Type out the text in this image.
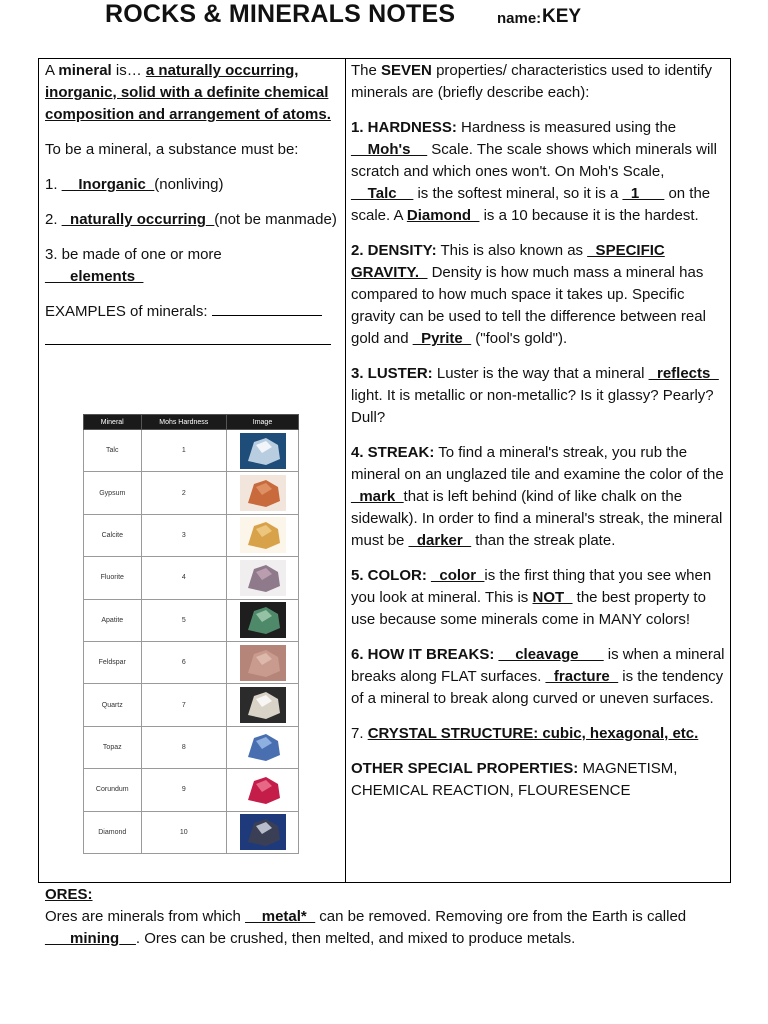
ROCKS & MINERALS NOTES	name: KEY

A mineral is… a naturally occurring, inorganic, solid with a definite chemical composition and arrangement of atoms.

To be a mineral, a substance must be:

1. __Inorganic_(nonliving)

2. _naturally occurring_(not be manmade)

3. be made of one or more
___elements_

EXAMPLES of minerals:

Mineral	Mohs Hardness	Image
Talc	1	

Gypsum	2	

Calcite	3	

Fluorite	4	

Apatite	5	

Feldspar	6	

Quartz	7	

Topaz	8	

Corundum	9	

Diamond	10	

The SEVEN properties/ characteristics used to identify minerals are (briefly describe each):

1. HARDNESS: Hardness is measured using the __Moh's__ Scale. The scale shows which minerals will scratch and which ones won't. On Moh's Scale, __Talc__ is the softest mineral, so it is a _1___ on the scale. A Diamond_ is a 10 because it is the hardest.

2. DENSITY: This is also known as _SPECIFIC GRAVITY._ Density is how much mass a mineral has compared to how much space it takes up. Specific gravity can be used to tell the difference between real gold and _Pyrite_ ("fool's gold").

3. LUSTER: Luster is the way that a mineral _reflects_ light. It is metallic or non-metallic? Is it glassy? Pearly? Dull?

4. STREAK: To find a mineral's streak, you rub the mineral on an unglazed tile and examine the color of the _mark_that is left behind (kind of like chalk on the sidewalk). In order to find a mineral's streak, the mineral must be _darker_ than the streak plate.

5. COLOR: _color_is the first thing that you see when you look at mineral. This is NOT_ the best property to use because some minerals come in MANY colors!

6. HOW IT BREAKS: __cleavage___ is when a mineral breaks along FLAT surfaces. _fracture_ is the tendency of a mineral to break along curved or uneven surfaces.

7. CRYSTAL STRUCTURE: cubic, hexagonal, etc.

OTHER SPECIAL PROPERTIES: MAGNETISM, CHEMICAL REACTION, FLOURESENCE

ORES:
Ores are minerals from which __metal*_ can be removed. Removing ore from the Earth is called ___mining__. Ores can be crushed, then melted, and mixed to produce metals.
